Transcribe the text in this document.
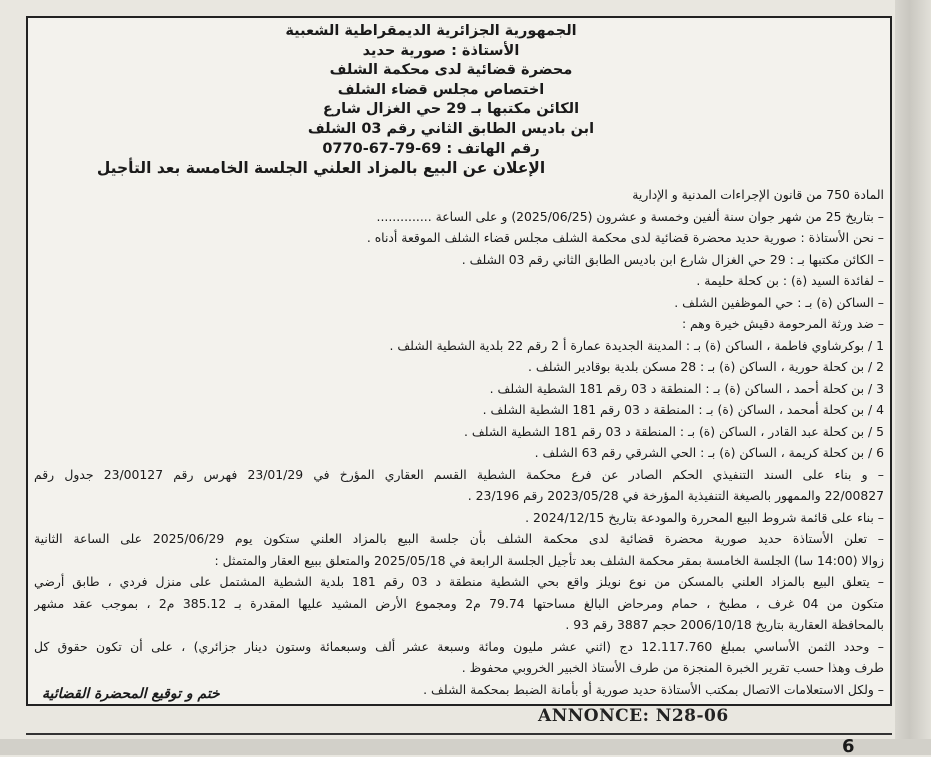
الجمهورية الجزائرية الديمقراطية الشعبية
الأستاذة : صورية حديد
محضرة قضائية لدى محكمة الشلف
اختصاص مجلس قضاء الشلف
الكائن مكتبها بـ 29 حي الغزال شارع
ابن باديس الطابق الثاني رقم 03 الشلف
رقم الهاتف : 69-79-67-0770
الإعلان عن البيع بالمزاد العلني الجلسة الخامسة بعد التأجيل
المادة 750 من قانون الإجراءات المدنية و الإدارية
– بتاريخ 25 من شهر جوان سنة ألفين وخمسة و عشرون (2025/06/25) و على الساعة ..............
– نحن الأستاذة : صورية حديد محضرة قضائية لدى محكمة الشلف مجلس قضاء الشلف الموقعة أدناه .
– الكائن مكتبها بـ : 29 حي الغزال شارع ابن باديس الطابق الثاني رقم 03 الشلف .
– لفائدة السيد (ة) : بن كحلة حليمة .
– الساكن (ة) بـ : حي الموظفين الشلف .
– ضد ورثة المرحومة دقيش خيرة وهم :
1 / بوكرشاوي فاطمة ، الساكن (ة) بـ : المدينة الجديدة عمارة أ 2 رقم 22 بلدية الشطية الشلف .
2 / بن كحلة حورية ، الساكن (ة) بـ : 28 مسكن بلدية بوقادير الشلف .
3 / بن كحلة أحمد ، الساكن (ة) بـ : المنطقة د 03 رقم 181 الشطية الشلف .
4 / بن كحلة أمحمد ، الساكن (ة) بـ : المنطقة د 03 رقم 181 الشطية الشلف .
5 / بن كحلة عبد القادر ، الساكن (ة) بـ : المنطقة د 03 رقم 181 الشطية الشلف .
6 / بن كحلة كريمة ، الساكن (ة) بـ : الحي الشرقي رقم 63 الشلف .
– و بناء على السند التنفيذي الحكم الصادر عن فرع محكمة الشطية القسم العقاري المؤرخ في 23/01/29 فهرس رقم 23/00127 جدول رقم
22/00827 والممهور بالصيغة التنفيذية المؤرخة في 2023/05/28 رقم 23/196 .
– بناء على قائمة شروط البيع المحررة والمودعة بتاريخ 2024/12/15 .
– تعلن الأستاذة حديد صورية محضرة قضائية لدى محكمة الشلف بأن جلسة البيع بالمزاد العلني ستكون يوم 2025/06/29 على الساعة الثانية
زوالا (14:00 سا) الجلسة الخامسة بمقر محكمة الشلف بعد تأجيل الجلسة الرابعة في 2025/05/18 والمتعلق ببيع العقار والمتمثل :
– يتعلق البيع بالمزاد العلني بالمسكن من نوع نويلز واقع بحي الشطية منطقة د 03 رقم 181 بلدية الشطية المشتمل على منزل فردي ، طابق أرضي
متكون من 04 غرف ، مطبخ ، حمام ومرحاض البالغ مساحتها 79.74 م2 ومجموع الأرض المشيد عليها المقدرة بـ 385.12 م2 ، بموجب عقد مشهر
بالمحافظة العقارية بتاريخ 2006/10/18 حجم 3887 رقم 93 .
– وحدد الثمن الأساسي بمبلغ 12.117.760 دج (اثني عشر مليون ومائة وسبعة عشر ألف وسبعمائة وستون دينار جزائري) ، على أن تكون حقوق كل
طرف وهذا حسب تقرير الخبرة المنجزة من طرف الأستاذ الخبير الخروبي محفوظ .
– ولكل الاستعلامات الاتصال بمكتب الأستاذة حديد صورية أو بأمانة الضبط بمحكمة الشلف .
ختم و توقيع المحضرة القضائية
ANNONCE: N28-06
6
